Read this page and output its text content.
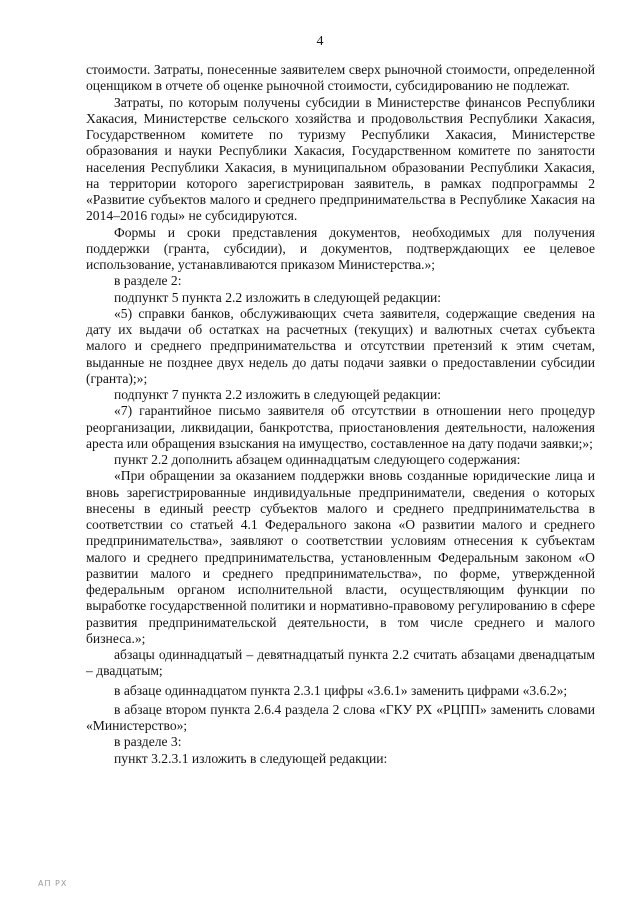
4

стоимости. Затраты, понесенные заявителем сверх рыночной стоимости, определенной оценщиком в отчете об оценке рыночной стоимости, субсидированию не подлежат.

Затраты, по которым получены субсидии в Министерстве финансов Республики Хакасия, Министерстве сельского хозяйства и продовольствия Республики Хакасия, Государственном комитете по туризму Республики Хакасия, Министерстве образования и науки Республики Хакасия, Государственном комитете по занятости населения Республики Хакасия, в муниципальном образовании Республики Хакасия, на территории которого зарегистрирован заявитель, в рамках подпрограммы 2 «Развитие субъектов малого и среднего предпринимательства в Республике Хакасия на 2014–2016 годы» не субсидируются.

Формы и сроки представления документов, необходимых для получения поддержки (гранта, субсидии), и документов, подтверждающих ее целевое использование, устанавливаются приказом Министерства.»;

в разделе 2:

подпункт 5 пункта 2.2 изложить в следующей редакции:

«5) справки банков, обслуживающих счета заявителя, содержащие сведения на дату их выдачи об остатках на расчетных (текущих) и валютных счетах субъекта малого и среднего предпринимательства и отсутствии претензий к этим счетам, выданные не позднее двух недель до даты подачи заявки о предоставлении субсидии (гранта);»;

подпункт 7 пункта 2.2 изложить в следующей редакции:

«7) гарантийное письмо заявителя об отсутствии в отношении него процедур реорганизации, ликвидации, банкротства, приостановления деятельности, наложения ареста или обращения взыскания на имущество, составленное на дату подачи заявки;»;

пункт 2.2 дополнить абзацем одиннадцатым следующего содержания:

«При обращении за оказанием поддержки вновь созданные юридические лица и вновь зарегистрированные индивидуальные предприниматели, сведения о которых внесены в единый реестр субъектов малого и среднего предпринимательства в соответствии со статьей 4.1 Федерального закона «О развитии малого и среднего предпринимательства», заявляют о соответствии условиям отнесения к субъектам малого и среднего предпринимательства, установленным Федеральным законом «О развитии малого и среднего предпринимательства», по форме, утвержденной федеральным органом исполнительной власти, осуществляющим функции по выработке государственной политики и нормативно-правовому регулированию в сфере развития предпринимательской деятельности, в том числе среднего и малого бизнеса.»;

абзацы одиннадцатый – девятнадцатый пункта 2.2 считать абзацами двенадцатым – двадцатым;

в абзаце одиннадцатом пункта 2.3.1 цифры «3.6.1» заменить цифрами «3.6.2»;

в абзаце втором пункта 2.6.4 раздела 2 слова «ГКУ РХ «РЦПП» заменить словами «Министерство»;

в разделе 3:

пункт 3.2.3.1 изложить в следующей редакции:

АП РХ
